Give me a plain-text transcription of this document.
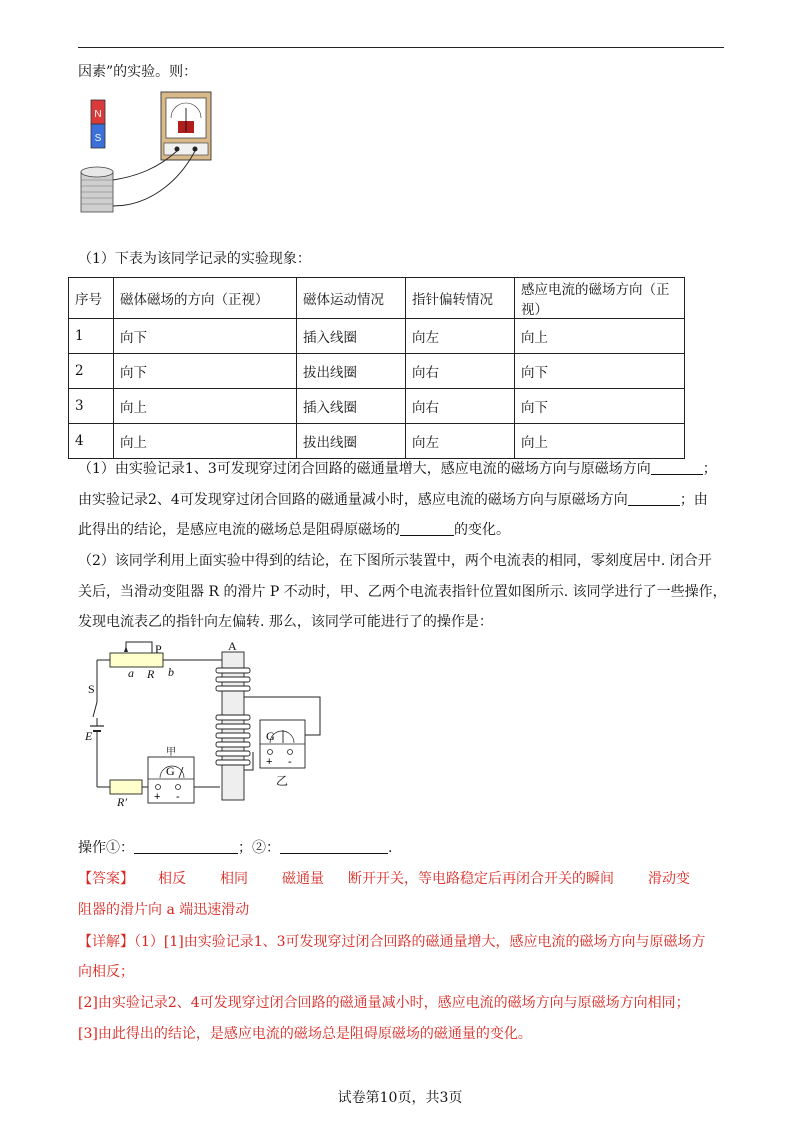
因素”的实验。则：
N
S
（1）下表为该同学记录的实验现象：
序号	磁体磁场的方向（正视）	磁体运动情况	指针偏转情况	感应电流的磁场方向（正视）
1	向下	插入线圈	向左	向上
2	向下	拔出线圈	向右	向下
3	向上	插入线圈	向右	向下
4	向上	拔出线圈	向左	向上
（1）由实验记录1、3可发现穿过闭合回路的磁通量增大，感应电流的磁场方向与原磁场方向	；
由实验记录2、4可发现穿过闭合回路的磁通量减小时，感应电流的磁场方向与原磁场方向	；由
此得出的结论，是感应电流的磁场总是阻碍原磁场的	的变化。
（2）该同学利用上面实验中得到的结论，在下图所示装置中，两个电流表的相同，零刻度居中. 闭合开
关后，当滑动变阻器 R 的滑片 P 不动时，甲、乙两个电流表指针位置如图所示. 该同学进行了一些操作，
发现电流表乙的指针向左偏转. 那么，该同学可能进行了的操作是：
G
+ -
G
+ -
P
a R b
A
S
E
R′
甲
乙
操作①：	；②：	.
【答案】 相反 相同 磁通量 断开开关，等电路稳定后再闭合开关的瞬间 滑动变
阻器的滑片向 a 端迅速滑动
【详解】（1）[1]由实验记录1、3可发现穿过闭合回路的磁通量增大，感应电流的磁场方向与原磁场方
向相反；
[2]由实验记录2、4可发现穿过闭合回路的磁通量减小时，感应电流的磁场方向与原磁场方向相同；
[3]由此得出的结论，是感应电流的磁场总是阻碍原磁场的磁通量的变化。
试卷第10页，共3页
